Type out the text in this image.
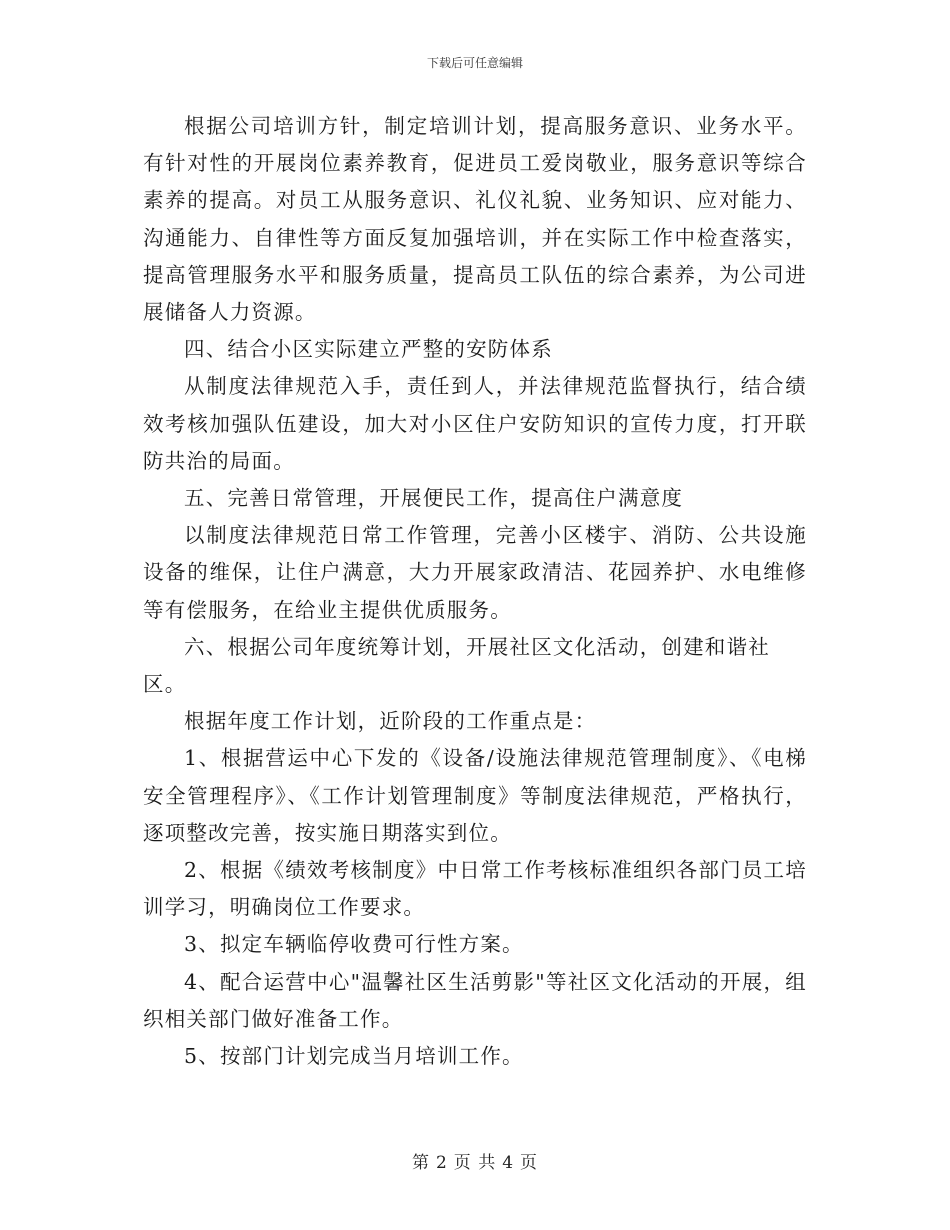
下载后可任意编辑

根据公司培训方针，制定培训计划，提高服务意识、业务水平。有针对性的开展岗位素养教育，促进员工爱岗敬业，服务意识等综合素养的提高。对员工从服务意识、礼仪礼貌、业务知识、应对能力、沟通能力、自律性等方面反复加强培训，并在实际工作中检查落实，提高管理服务水平和服务质量，提高员工队伍的综合素养，为公司进展储备人力资源。

四、结合小区实际建立严整的安防体系

从制度法律规范入手，责任到人，并法律规范监督执行，结合绩效考核加强队伍建设，加大对小区住户安防知识的宣传力度，打开联防共治的局面。

五、完善日常管理，开展便民工作，提高住户满意度

以制度法律规范日常工作管理，完善小区楼宇、消防、公共设施设备的维保，让住户满意，大力开展家政清洁、花园养护、水电维修等有偿服务，在给业主提供优质服务。

六、根据公司年度统筹计划，开展社区文化活动，创建和谐社区。

根据年度工作计划，近阶段的工作重点是：

1、根据营运中心下发的《设备/设施法律规范管理制度》、《电梯安全管理程序》、《工作计划管理制度》等制度法律规范，严格执行，逐项整改完善，按实施日期落实到位。

2、根据《绩效考核制度》中日常工作考核标准组织各部门员工培训学习，明确岗位工作要求。

3、拟定车辆临停收费可行性方案。

4、配合运营中心"温馨社区生活剪影"等社区文化活动的开展，组织相关部门做好准备工作。

5、按部门计划完成当月培训工作。

第 2 页 共 4 页
